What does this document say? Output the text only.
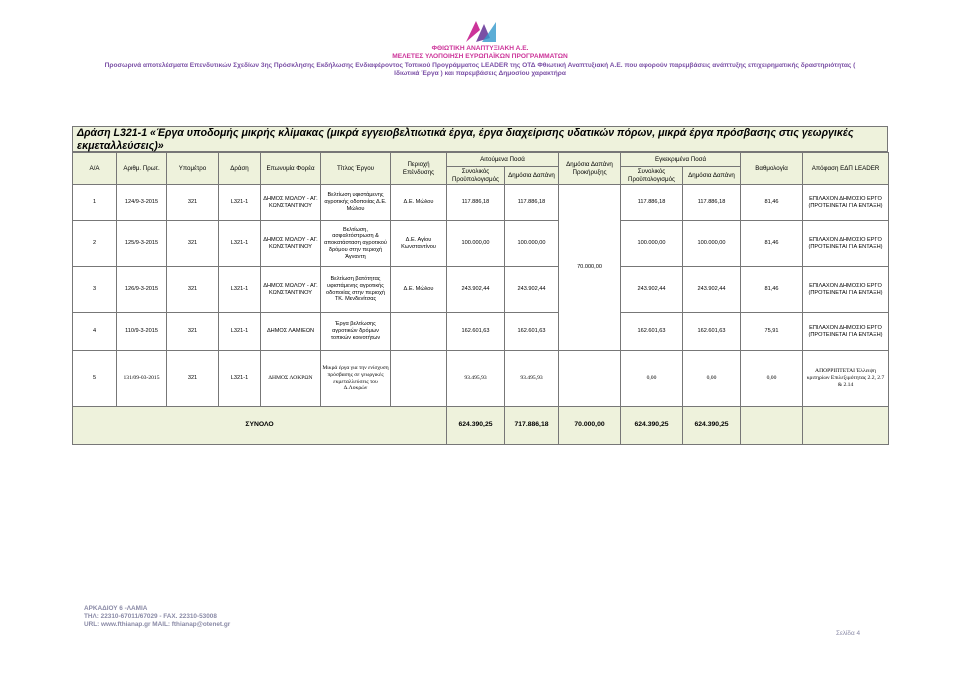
ΦΘΙΩΤΙΚΗ ΑΝΑΠΤΥΞΙΑΚΗ Α.Ε.
ΜΕΛΕΤΕΣ ΥΛΟΠΟΙΗΣΗ ΕΥΡΩΠΑΪΚΩΝ ΠΡΟΓΡΑΜΜΑΤΩΝ
Προσωρινά αποτελέσματα Επενδυτικών Σχεδίων 3ης Πρόσκλησης Εκδήλωσης Ενδιαφέροντος Τοπικού Προγράμματος LEADER της ΟΤΔ Φθιωτική Αναπτυξιακή Α.Ε. που αφορούν παρεμβάσεις ανάπτυξης επιχειρηματικής δραστηριότητας (
Ιδιωτικά Έργα ) και παρεμβάσεις Δημοσίου χαρακτήρα
Δράση L321-1 «Έργα υποδομής μικρής κλίμακας (μικρά εγγειοβελτιωτικά έργα, έργα διαχείρισης υδατικών πόρων, μικρά έργα πρόσβασης στις γεωργικές εκμεταλλεύσεις)»
Α/Α	Αριθμ. Πρωτ.	Υπομέτρο	Δράση	Επωνυμία Φορέα	Τίτλος Έργου	Περιοχή Επένδυσης	Αιτούμενα Ποσά		Δημόσια Δαπάνη Προκήρυξης	Εγκεκριμένα Ποσά		Βαθμολογία	Απόφαση ΕΔΠ LEADER
							Συνολικός Προϋπολογισμός	Δημόσια Δαπάνη		Συνολικός Προϋπολογισμός	Δημόσια Δαπάνη		
1	124/9-3-2015	321	L321-1	ΔΗΜΟΣ ΜΩΛΟΥ - ΑΓ. ΚΩΝΣΤΑΝΤΙΝΟΥ	Βελτίωση υφιστάμενης αγροτικής οδοποιίας Δ.Ε. Μώλου	Δ.Ε. Μώλου	117.886,18	117.886,18	70.000,00	117.886,18	117.886,18	81,46	ΕΠΙΛΑΧΟΝ ΔΗΜΟΣΙΟ ΕΡΓΟ (ΠΡΟΤΕΙΝΕΤΑΙ ΓΙΑ ΕΝΤΑΞΗ)
2	125/9-3-2015	321	L321-1	ΔΗΜΟΣ ΜΩΛΟΥ - ΑΓ. ΚΩΝΣΤΑΝΤΙΝΟΥ	Βελτίωση, ασφαλτόστρωση & αποκατάσταση αγροτικού δρόμου στην περιοχή Άγναντη	Δ.Ε. Αγίου Κωνσταντίνου	100.000,00	100.000,00		100.000,00	100.000,00	81,46	ΕΠΙΛΑΧΟΝ ΔΗΜΟΣΙΟ ΕΡΓΟ (ΠΡΟΤΕΙΝΕΤΑΙ ΓΙΑ ΕΝΤΑΞΗ)
3	126/9-3-2015	321	L321-1	ΔΗΜΟΣ ΜΩΛΟΥ - ΑΓ. ΚΩΝΣΤΑΝΤΙΝΟΥ	Βελτίωση βατότητας υφιστάμενης αγροτικής οδοποιίας στην περιοχή ΤΚ. Μενδενίτσας	Δ.Ε. Μώλου	243.902,44	243.902,44		243.902,44	243.902,44	81,46	ΕΠΙΛΑΧΟΝ ΔΗΜΟΣΙΟ ΕΡΓΟ (ΠΡΟΤΕΙΝΕΤΑΙ ΓΙΑ ΕΝΤΑΞΗ)
4	110/9-3-2015	321	L321-1	ΔΗΜΟΣ ΛΑΜΙΕΩΝ	Έργα βελτίωσης αγροτικών δρόμων τοπικών κοινοτήτων		162.601,63	162.601,63		162.601,63	162.601,63	75,91	ΕΠΙΛΑΧΟΝ ΔΗΜΟΣΙΟ ΕΡΓΟ (ΠΡΟΤΕΙΝΕΤΑΙ ΓΙΑ ΕΝΤΑΞΗ)
5	131/09-03-2015	321	L321-1	ΔΗΜΟΣ ΛΟΚΡΩΝ	Μικρά έργα για την ενίσχυση πρόσβασης σε γεωργικές εκμεταλλεύσεις του Δ.Λοκρών		93.495,93	93.495,93		0,00	0,00	0,00	ΑΠΟΡΡΙΠΤΕΤΑΙ Έλλειψη κριτηρίων Επιλεξιμότητας 2.2, 2.7 & 2.14
ΣΥΝΟΛΟ							624.390,25	717.886,18	70.000,00	624.390,25	624.390,25		
ΑΡΚΑΔΙΟΥ 6 -ΛΑΜΙΑ
ΤΗΛ: 22310-67011/67029 - FAX. 22310-53008
URL: www.fthianap.gr MAIL: fthianap@otenet.gr
Σελίδα 4
